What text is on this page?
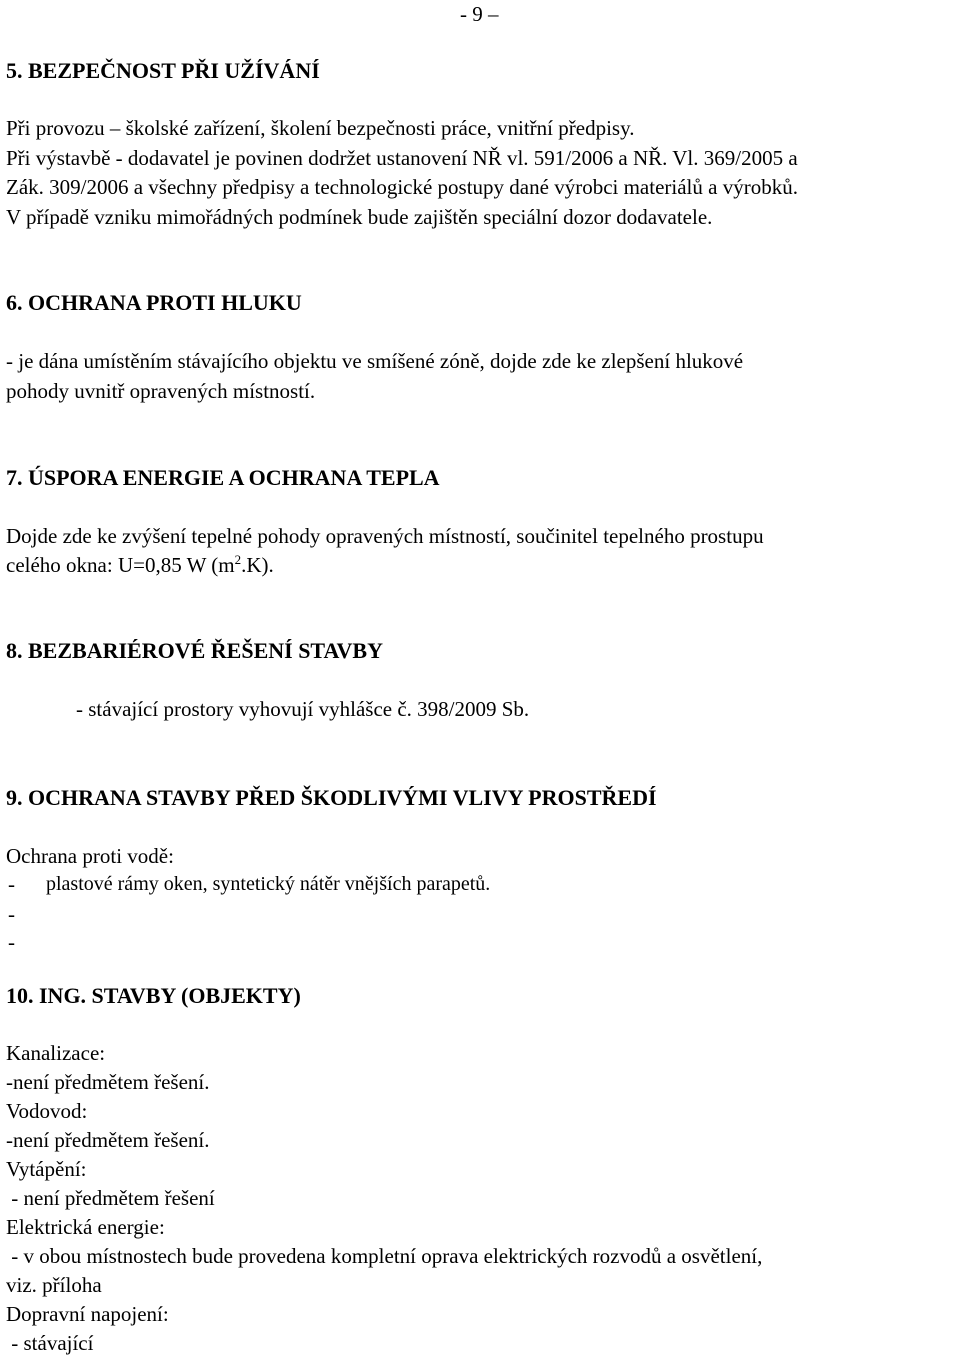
- 9 –
5. BEZPEČNOST PŘI UŽÍVÁNÍ
Při provozu – školské zařízení, školení bezpečnosti práce, vnitřní předpisy.
Při výstavbě - dodavatel je povinen dodržet ustanovení NŘ vl. 591/2006 a NŘ. Vl. 369/2005 a
Zák. 309/2006 a všechny předpisy a technologické postupy dané výrobci materiálů a výrobků.
V případě vzniku mimořádných podmínek bude zajištěn speciální dozor dodavatele.
6. OCHRANA PROTI HLUKU
- je dána umístěním stávajícího objektu ve smíšené zóně, dojde zde ke zlepšení hlukové
pohody uvnitř opravených místností.
7. ÚSPORA ENERGIE A OCHRANA TEPLA
Dojde zde ke zvýšení tepelné pohody opravených místností, součinitel tepelného prostupu
celého okna: U=0,85 W $(m^2.K)$.
8. BEZBARIÉROVÉ ŘEŠENÍ STAVBY
- stávající prostory vyhovují vyhlášce č. 398/2009 Sb.
9. OCHRANA STAVBY PŘED ŠKODLIVÝMI VLIVY PROSTŘEDÍ
Ochrana proti vodě:
- plastové rámy oken, syntetický nátěr vnějších parapetů.
-
-
10. ING. STAVBY (OBJEKTY)
Kanalizace:
-není předmětem řešení.
Vodovod:
-není předmětem řešení.
Vytápění:
- není předmětem řešení
Elektrická energie:
- v obou místnostech bude provedena kompletní oprava elektrických rozvodů a osvětlení,
viz. příloha
Dopravní napojení:
- stávající
